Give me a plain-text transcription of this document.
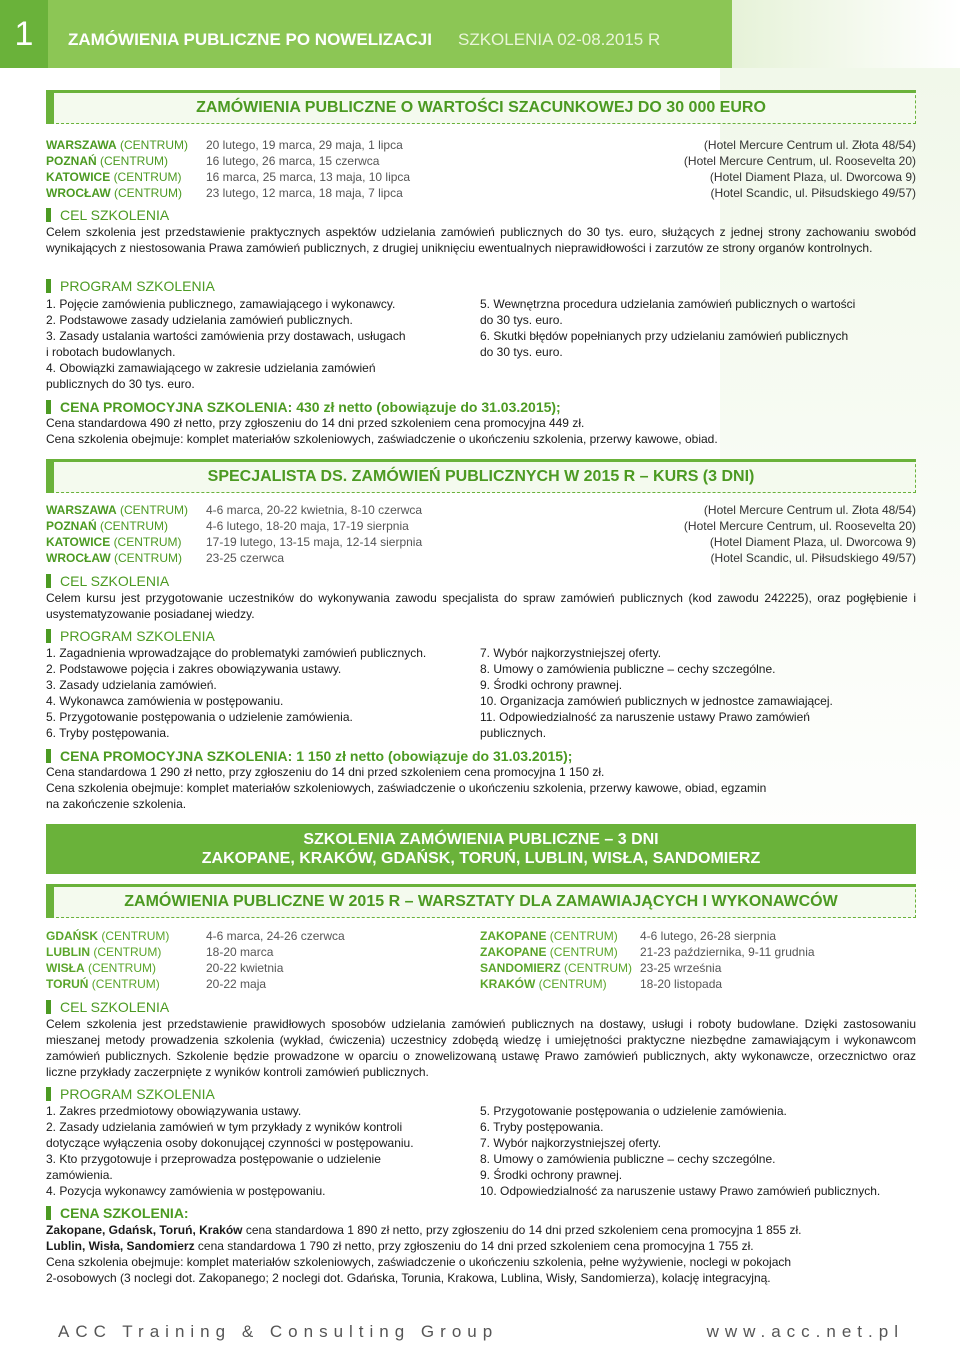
1	ZAMÓWIENIA PUBLICZNE PO NOWELIZACJI SZKOLENIA 02-08.2015 R
ZAMÓWIENIA PUBLICZNE O WARTOŚCI SZACUNKOWEJ DO 30 000 EURO
WARSZAWA (CENTRUM) 20 lutego, 19 marca, 29 maja, 1 lipca	(Hotel Mercure Centrum ul. Złota 48/54)
POZNAŃ (CENTRUM)	16 lutego, 26 marca, 15 czerwca	(Hotel Mercure Centrum, ul. Roosevelta 20)
KATOWICE (CENTRUM) 16 marca, 25 marca, 13 maja, 10 lipca	(Hotel Diament Plaza, ul. Dworcowa 9)
WROCŁAW (CENTRUM) 23 lutego, 12 marca, 18 maja, 7 lipca	(Hotel Scandic, ul. Piłsudskiego 49/57)
CEL SZKOLENIA
Celem szkolenia jest przedstawienie praktycznych aspektów udzielania zamówień publicznych do 30 tys. euro, służących z jednej strony zachowaniu swobód wynikających z niestosowania Prawa zamówień publicznych, z drugiej uniknięciu ewentualnych nieprawidłowości i zarzutów ze strony organów kontrolnych.
PROGRAM SZKOLENIA
1. Pojęcie zamówienia publicznego, zamawiającego i wykonawcy.
2. Podstawowe zasady udzielania zamówień publicznych.
3. Zasady ustalania wartości zamówienia przy dostawach, usługach
i robotach budowlanych.
4. Obowiązki zamawiającego w zakresie udzielania zamówień
publicznych do 30 tys. euro.
5. Wewnętrzna procedura udzielania zamówień publicznych o wartości
do 30 tys. euro.
6. Skutki błędów popełnianych przy udzielaniu zamówień publicznych
do 30 tys. euro.
CENA PROMOCYJNA SZKOLENIA: 430 zł netto (obowiązuje do 31.03.2015);
Cena standardowa 490 zł netto, przy zgłoszeniu do 14 dni przed szkoleniem cena promocyjna 449 zł.
Cena szkolenia obejmuje: komplet materiałów szkoleniowych, zaświadczenie o ukończeniu szkolenia, przerwy kawowe, obiad.
SPECJALISTA DS. ZAMÓWIEŃ PUBLICZNYCH W 2015 R – KURS (3 DNI)
WARSZAWA (CENTRUM) 4-6 marca, 20-22 kwietnia, 8-10 czerwca	(Hotel Mercure Centrum ul. Złota 48/54)
POZNAŃ (CENTRUM)	4-6 lutego, 18-20 maja, 17-19 sierpnia	(Hotel Mercure Centrum, ul. Roosevelta 20)
KATOWICE (CENTRUM) 17-19 lutego, 13-15 maja, 12-14 sierpnia	(Hotel Diament Plaza, ul. Dworcowa 9)
WROCŁAW (CENTRUM) 23-25 czerwca	(Hotel Scandic, ul. Piłsudskiego 49/57)
CEL SZKOLENIA
Celem kursu jest przygotowanie uczestników do wykonywania zawodu specjalista do spraw zamówień publicznych (kod zawodu 242225), oraz pogłębienie i usystematyzowanie posiadanej wiedzy.
PROGRAM SZKOLENIA
1. Zagadnienia wprowadzające do problematyki zamówień publicznych.
2. Podstawowe pojęcia i zakres obowiązywania ustawy.
3. Zasady udzielania zamówień.
4. Wykonawca zamówienia w postępowaniu.
5. Przygotowanie postępowania o udzielenie zamówienia.
6. Tryby postępowania.
7. Wybór najkorzystniejszej oferty.
8. Umowy o zamówienia publiczne – cechy szczególne.
9. Środki ochrony prawnej.
10. Organizacja zamówień publicznych w jednostce zamawiającej.
11. Odpowiedzialność za naruszenie ustawy Prawo zamówień
publicznych.
CENA PROMOCYJNA SZKOLENIA: 1 150 zł netto (obowiązuje do 31.03.2015);
Cena standardowa 1 290 zł netto, przy zgłoszeniu do 14 dni przed szkoleniem cena promocyjna 1 150 zł.
Cena szkolenia obejmuje: komplet materiałów szkoleniowych, zaświadczenie o ukończeniu szkolenia, przerwy kawowe, obiad, egzamin
na zakończenie szkolenia.
SZKOLENIA ZAMÓWIENIA PUBLICZNE – 3 DNI
ZAKOPANE, KRAKÓW, GDAŃSK, TORUŃ, LUBLIN, WISŁA, SANDOMIERZ
ZAMÓWIENIA PUBLICZNE W 2015 R – WARSZTATY DLA ZAMAWIAJĄCYCH I WYKONAWCÓW
GDAŃSK (CENTRUM)	4-6 marca, 24-26 czerwca
LUBLIN (CENTRUM)	18-20 marca
WISŁA (CENTRUM)	20-22 kwietnia
TORUŃ (CENTRUM)	20-22 maja
ZAKOPANE (CENTRUM) 4-6 lutego, 26-28 sierpnia
ZAKOPANE (CENTRUM) 21-23 października, 9-11 grudnia
SANDOMIERZ (CENTRUM) 23-25 września
KRAKÓW (CENTRUM)	18-20 listopada
CEL SZKOLENIA
Celem szkolenia jest przedstawienie prawidłowych sposobów udzielania zamówień publicznych na dostawy, usługi i roboty budowlane. Dzięki zastosowaniu mieszanej metody prowadzenia szkolenia (wykład, ćwiczenia) uczestnicy zdobędą wiedzę i umiejętności praktyczne niezbędne zamawiającym i wykonawcom zamówień publicznych. Szkolenie będzie prowadzone w oparciu o znowelizowaną ustawę Prawo zamówień publicznych, akty wykonawcze, orzecznictwo oraz liczne przykłady zaczerpnięte z wyników kontroli zamówień publicznych.
PROGRAM SZKOLENIA
1. Zakres przedmiotowy obowiązywania ustawy.
2. Zasady udzielania zamówień w tym przykłady z wyników kontroli
dotyczące wyłączenia osoby dokonującej czynności w postępowaniu.
3. Kto przygotowuje i przeprowadza postępowanie o udzielenie
zamówienia.
4. Pozycja wykonawcy zamówienia w postępowaniu.
5. Przygotowanie postępowania o udzielenie zamówienia.
6. Tryby postępowania.
7. Wybór najkorzystniejszej oferty.
8. Umowy o zamówienia publiczne – cechy szczególne.
9. Środki ochrony prawnej.
10. Odpowiedzialność za naruszenie ustawy Prawo zamówień publicznych.
CENA SZKOLENIA:
Zakopane, Gdańsk, Toruń, Kraków cena standardowa 1 890 zł netto, przy zgłoszeniu do 14 dni przed szkoleniem cena promocyjna 1 855 zł.
Lublin, Wisła, Sandomierz cena standardowa 1 790 zł netto, przy zgłoszeniu do 14 dni przed szkoleniem cena promocyjna 1 755 zł.
Cena szkolenia obejmuje: komplet materiałów szkoleniowych, zaświadczenie o ukończeniu szkolenia, pełne wyżywienie, noclegi w pokojach
2-osobowych (3 noclegi dot. Zakopanego; 2 noclegi dot. Gdańska, Torunia, Krakowa, Lublina, Wisły, Sandomierza), kolację integracyjną.
ACC Training & Consulting Group	www.acc.net.pl
